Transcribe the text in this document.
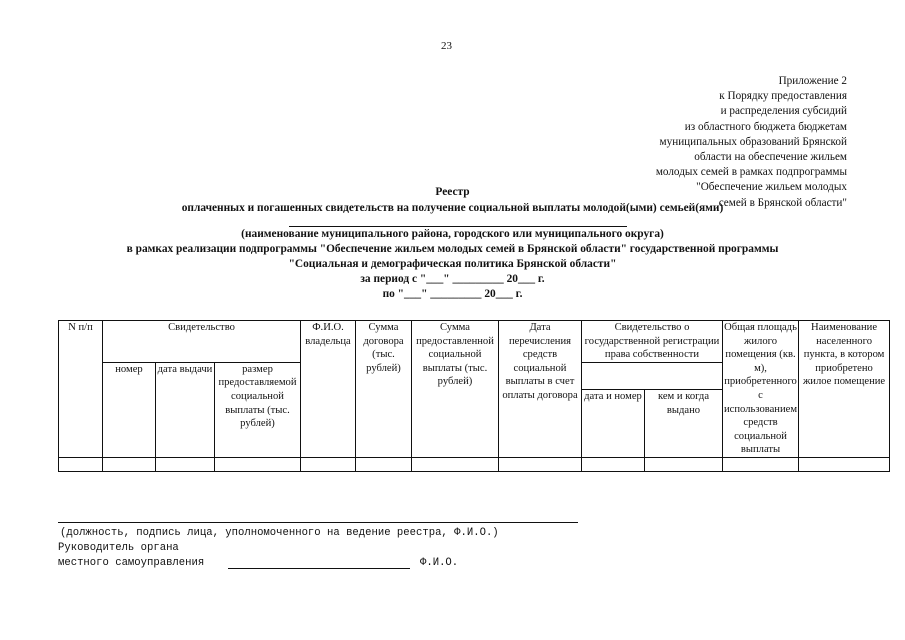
23
Приложение 2
к Порядку предоставления
и распределения субсидий
из областного бюджета бюджетам
муниципальных образований Брянской
области на обеспечение жильем
молодых семей в рамках подпрограммы
"Обеспечение жильем молодых
семей в Брянской области"
Реестр
оплаченных и погашенных свидетельств на получение социальной выплаты молодой(ыми) семьей(ями)
(наименование муниципального района, городского или муниципального округа)
в рамках реализации подпрограммы "Обеспечение жильем молодых семей в Брянской области" государственной программы
"Социальная и демографическая политика Брянской области"
за период с "___" _________ 20___ г.
по "___" _________ 20___ г.
N п/п	Свидетельство			Ф.И.О. владельца	Сумма договора (тыс. рублей)	Сумма предоставленной социальной выплаты (тыс. рублей)	Дата перечисления средств социальной выплаты в счет оплаты договора	Свидетельство о государственной регистрации права собственности		Общая площадь жилого помещения (кв. м), приобретенного с использованием средств социальной выплаты	Наименование населенного пункта, в котором приобретено жилое помещение
	номер	дата выдачи	размер предоставляемой социальной выплаты (тыс. рублей)								
								дата и номер	кем и когда выдано		

(должность, подпись лица, уполномоченного на ведение реестра, Ф.И.О.)
Руководитель органа
местного самоуправления	Ф.И.О.
